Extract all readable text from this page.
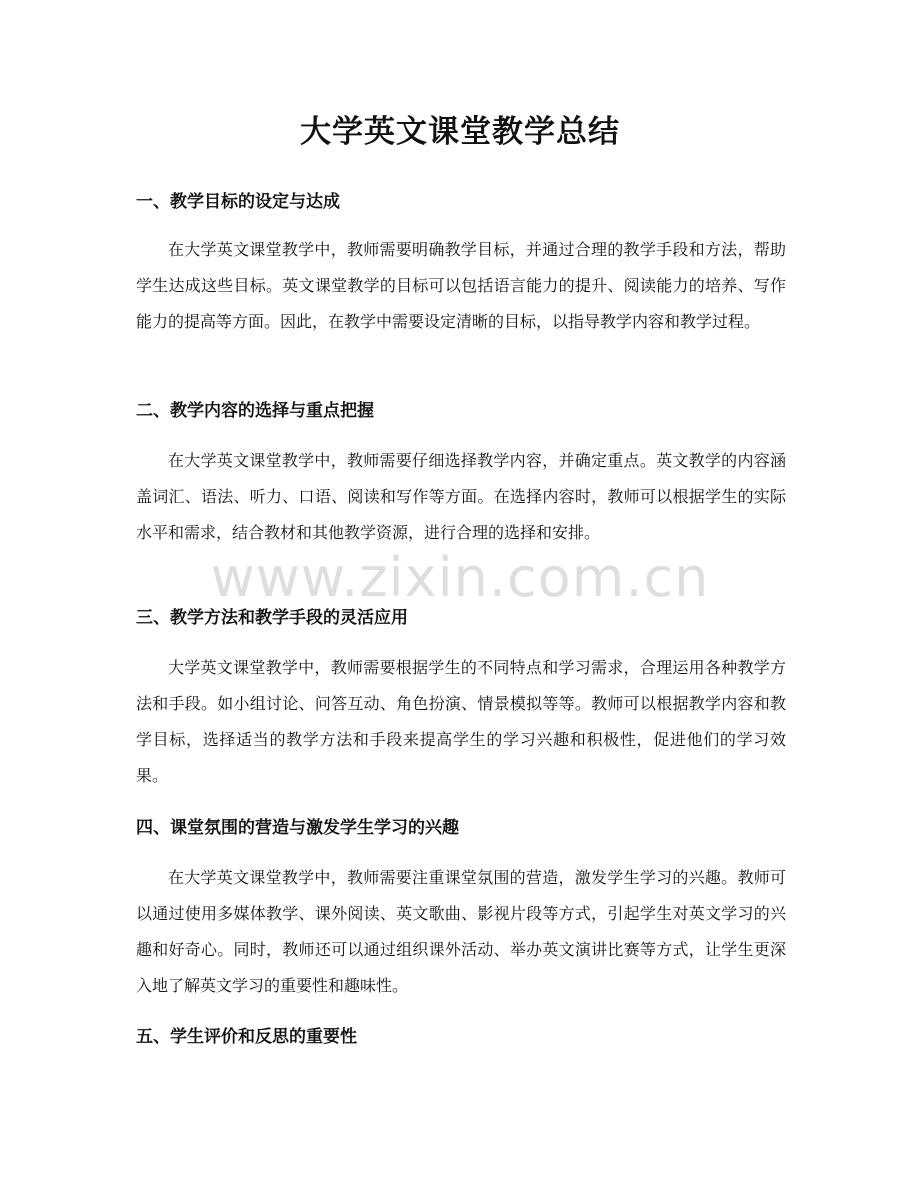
大学英文课堂教学总结
一、教学目标的设定与达成

在大学英文课堂教学中，教师需要明确教学目标，并通过合理的教学手段和方法，帮助学生达成这些目标。英文课堂教学的目标可以包括语言能力的提升、阅读能力的培养、写作能力的提高等方面。因此，在教学中需要设定清晰的目标，以指导教学内容和教学过程。

二、教学内容的选择与重点把握

在大学英文课堂教学中，教师需要仔细选择教学内容，并确定重点。英文教学的内容涵盖词汇、语法、听力、口语、阅读和写作等方面。在选择内容时，教师可以根据学生的实际水平和需求，结合教材和其他教学资源，进行合理的选择和安排。

三、教学方法和教学手段的灵活应用

大学英文课堂教学中，教师需要根据学生的不同特点和学习需求，合理运用各种教学方法和手段。如小组讨论、问答互动、角色扮演、情景模拟等等。教师可以根据教学内容和教学目标，选择适当的教学方法和手段来提高学生的学习兴趣和积极性，促进他们的学习效果。

四、课堂氛围的营造与激发学生学习的兴趣

在大学英文课堂教学中，教师需要注重课堂氛围的营造，激发学生学习的兴趣。教师可以通过使用多媒体教学、课外阅读、英文歌曲、影视片段等方式，引起学生对英文学习的兴趣和好奇心。同时，教师还可以通过组织课外活动、举办英文演讲比赛等方式，让学生更深入地了解英文学习的重要性和趣味性。

五、学生评价和反思的重要性
www.zixin.com.cn
